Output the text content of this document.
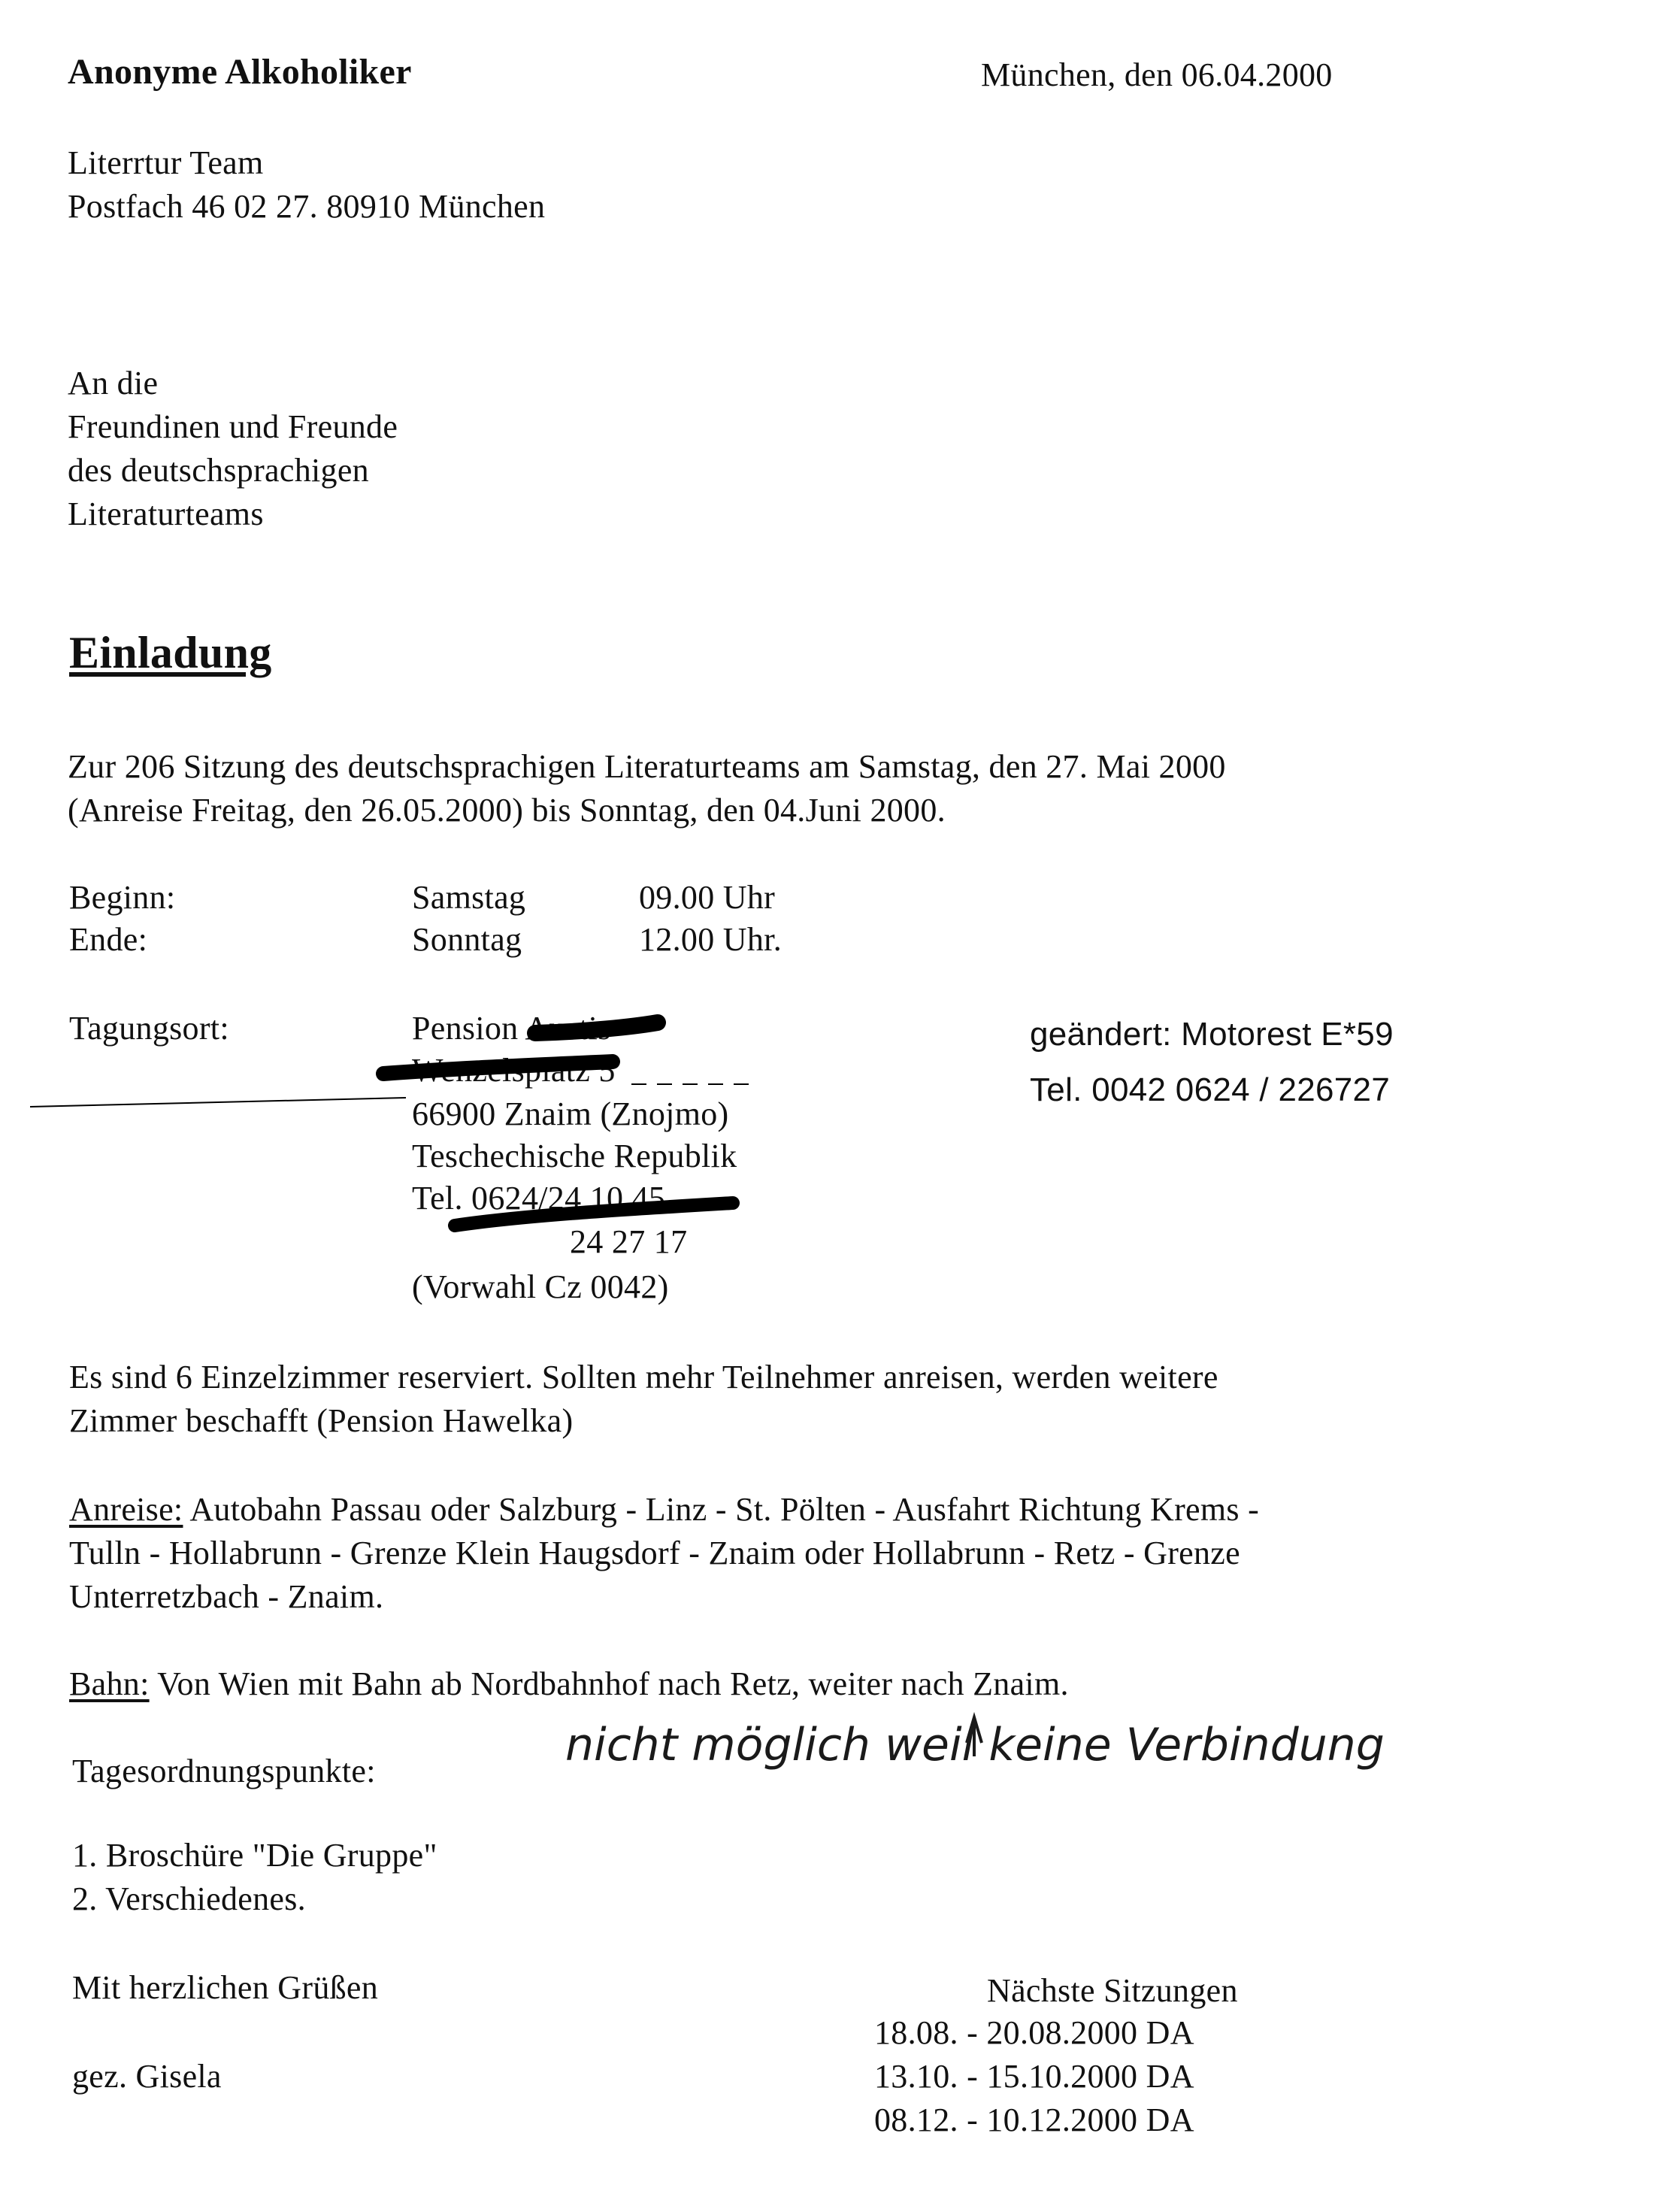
Anonyme Alkoholiker	München, den 06.04.2000
Literrtur Team
Postfach 46 02 27. 80910 München
An die
Freundinen und Freunde
des deutschsprachigen
Literaturteams
Einladung
Zur 206 Sitzung des deutschsprachigen Literaturteams am Samstag, den 27. Mai 2000
(Anreise Freitag, den 26.05.2000) bis Sonntag, den 04.Juni 2000.
Beginn:	Samstag	09.00 Uhr
Ende:	Sonntag	12.00 Uhr.
Tagungsort:	Pension Austis
Wenzelsplatz 5
66900 Znaim (Znojmo)
Teschechische Republik
Tel. 0624/24 10 45
24 27 17
(Vorwahl Cz 0042)
geändert: Motorest E*59
Tel. 0042 0624 / 226727
Es sind 6 Einzelzimmer reserviert. Sollten mehr Teilnehmer anreisen, werden weitere
Zimmer beschafft (Pension Hawelka)
Anreise: Autobahn Passau oder Salzburg - Linz - St. Pölten - Ausfahrt Richtung Krems -
Tulln - Hollabrunn - Grenze Klein Haugsdorf - Znaim oder Hollabrunn - Retz - Grenze
Unterretzbach - Znaim.
Bahn: Von Wien mit Bahn ab Nordbahnhof nach Retz, weiter nach Znaim.
nicht möglich weil keine Verbindung
Tagesordnungspunkte:
1. Broschüre "Die Gruppe"
2. Verschiedenes.
Mit herzlichen Grüßen
gez. Gisela
Nächste Sitzungen
18.08. - 20.08.2000 DA
13.10. - 15.10.2000 DA
08.12. - 10.12.2000 DA
